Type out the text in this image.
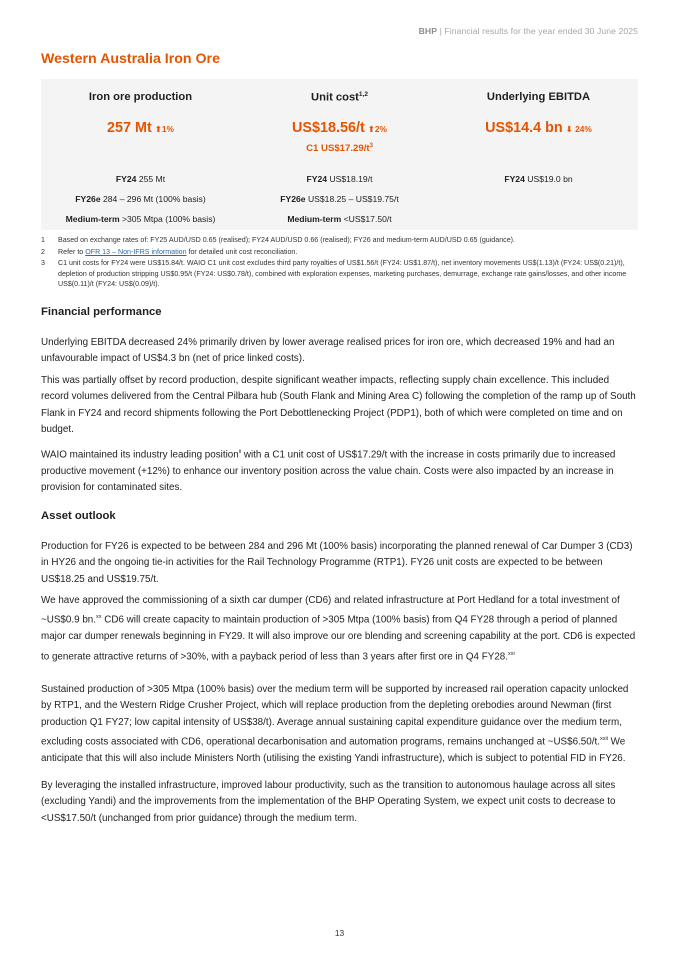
BHP | Financial results for the year ended 30 June 2025
Western Australia Iron Ore
Iron ore production
257 Mt ⬆1%
FY24 255 Mt
FY26e 284 – 296 Mt (100% basis)
Medium-term >305 Mtpa (100% basis)
Unit cost$^{1,2}$
US$18.56/t ⬆2%
C1 $US\$17.29/t^3$
FY24 US$18.19/t
FY26e US$18.25 – US$19.75/t
Medium-term <US$17.50/t
Underlying EBITDA
US$14.4 bn ⬇ 24%
FY24 US$19.0 bn
1	Based on exchange rates of: FY25 AUD/USD 0.65 (realised); FY24 AUD/USD 0.66 (realised); FY26 and medium-term AUD/USD 0.65 (guidance).
2	Refer to OFR 13 – Non-IFRS information for detailed unit cost reconciliation.
3	C1 unit costs for FY24 were US$15.84/t. WAIO C1 unit cost excludes third party royalties of US$1.56/t (FY24: US$1.87/t), net inventory movements US$(1.13)/t (FY24: US$(0.21)/t), depletion of production stripping US$0.95/t (FY24: US$0.78/t), combined with exploration expenses, marketing purchases, demurrage, exchange rate gains/losses, and other income US$(0.11)/t (FY24: US$(0.09)/t).
Financial performance
Underlying EBITDA decreased 24% primarily driven by lower average realised prices for iron ore, which decreased 19% and had an unfavourable impact of US$4.3 bn (net of price linked costs).
This was partially offset by record production, despite significant weather impacts, reflecting supply chain excellence. This included record volumes delivered from the Central Pilbara hub (South Flank and Mining Area C) following the completion of the ramp up of South Flank in FY24 and record shipments following the Port Debottlenecking Project (PDP1), both of which were completed on time and on budget.
WAIO maintained its industry leading position$^{ii}$ with a C1 unit cost of US$17.29/t with the increase in costs primarily due to increased productive movement (+12%) to enhance our inventory position across the value chain. Costs were also impacted by an increase in provision for contaminated sites.
Asset outlook
Production for FY26 is expected to be between 284 and 296 Mt (100% basis) incorporating the planned renewal of Car Dumper 3 (CD3) in HY26 and the ongoing tie-in activities for the Rail Technology Programme (RTP1). FY26 unit costs are expected to be between US$18.25 and US$19.75/t.
We have approved the commissioning of a sixth car dumper (CD6) and related infrastructure at Port Hedland for a total investment of ~US$0.9 bn.$^{xx}$ CD6 will create capacity to maintain production of >305 Mtpa (100% basis) from Q4 FY28 through a period of planned major car dumper renewals beginning in FY29. It will also improve our ore blending and screening capability at the port. CD6 is expected to generate attractive returns of >30%, with a payback period of less than 3 years after first ore in Q4 FY28.$^{xxi}$
Sustained production of >305 Mtpa (100% basis) over the medium term will be supported by increased rail operation capacity unlocked by RTP1, and the Western Ridge Crusher Project, which will replace production from the depleting orebodies around Newman (first production Q1 FY27; low capital intensity of US$38/t). Average annual sustaining capital expenditure guidance over the medium term, excluding costs associated with CD6, operational decarbonisation and automation programs, remains unchanged at ~US$6.50/t.$^{xxii}$ We anticipate that this will also include Ministers North (utilising the existing Yandi infrastructure), which is subject to potential FID in FY26.
By leveraging the installed infrastructure, improved labour productivity, such as the transition to autonomous haulage across all sites (excluding Yandi) and the improvements from the implementation of the BHP Operating System, we expect unit costs to decrease to <US$17.50/t (unchanged from prior guidance) through the medium term.
13
